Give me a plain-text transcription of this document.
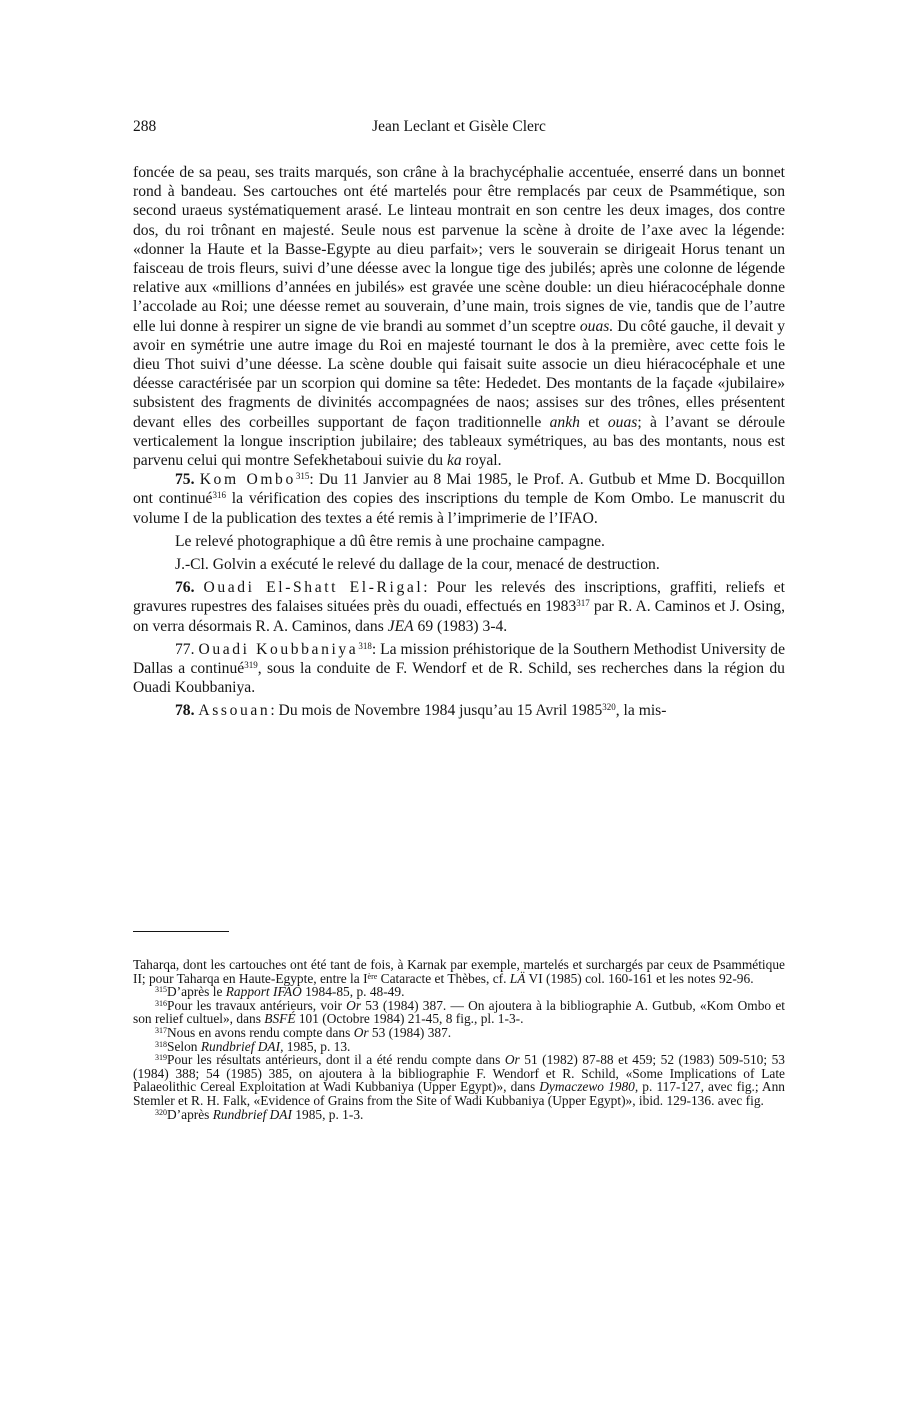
288	Jean Leclant et Gisèle Clerc

foncée de sa peau, ses traits marqués, son crâne à la brachycéphalie accentuée, enserré dans un bonnet rond à bandeau. Ses cartouches ont été martelés pour être remplacés par ceux de Psammétique, son second uraeus systématiquement arasé. Le linteau montrait en son centre les deux images, dos contre dos, du roi trônant en majesté. Seule nous est parvenue la scène à droite de l’axe avec la légende: «donner la Haute et la Basse-Egypte au dieu parfait»; vers le souverain se dirigeait Horus tenant un faisceau de trois fleurs, suivi d’une déesse avec la longue tige des jubilés; après une colonne de légende relative aux «millions d’années en jubilés» est gravée une scène double: un dieu hiéracocéphale donne l’accolade au Roi; une déesse remet au souverain, d’une main, trois signes de vie, tandis que de l’autre elle lui donne à respirer un signe de vie brandi au sommet d’un sceptre ouas. Du côté gauche, il devait y avoir en symétrie une autre image du Roi en majesté tournant le dos à la première, avec cette fois le dieu Thot suivi d’une déesse. La scène double qui faisait suite associe un dieu hiéracocéphale et une déesse caractérisée par un scorpion qui domine sa tête: Hededet. Des montants de la façade «jubilaire» subsistent des fragments de divinités accompagnées de naos; assises sur des trônes, elles présentent devant elles des corbeilles supportant de façon traditionnelle ankh et ouas; à l’avant se déroule verticalement la longue inscription jubilaire; des tableaux symétriques, au bas des montants, nous est parvenu celui qui montre Sefekhetaboui suivie du ka royal.

75. Kom Ombo$^{315}$: Du 11 Janvier au 8 Mai 1985, le Prof. A. Gutbub et Mme D. Bocquillon ont continué$^{316}$ la vérification des copies des inscriptions du temple de Kom Ombo. Le manuscrit du volume I de la publication des textes a été remis à l’imprimerie de l’IFAO.

Le relevé photographique a dû être remis à une prochaine campagne.

J.-Cl. Golvin a exécuté le relevé du dallage de la cour, menacé de destruction.

76. Ouadi El-Shatt El-Rigal: Pour les relevés des inscriptions, graffiti, reliefs et gravures rupestres des falaises situées près du ouadi, effectués en 1983$^{317}$ par R. A. Caminos et J. Osing, on verra désormais R. A. Caminos, dans JEA 69 (1983) 3-4.

77. Ouadi Koubbaniya$^{318}$: La mission préhistorique de la Southern Methodist University de Dallas a continué$^{319}$, sous la conduite de F. Wendorf et de R. Schild, ses recherches dans la région du Ouadi Koubbaniya.

78. Assouan: Du mois de Novembre 1984 jusqu’au 15 Avril 1985$^{320}$, la mis-

Taharqa, dont les cartouches ont été tant de fois, à Karnak par exemple, martelés et surchargés par ceux de Psammétique II; pour Taharqa en Haute-Egypte, entre la Ière Cataracte et Thèbes, cf. LÄ VI (1985) col. 160-161 et les notes 92-96.

$^{315}$D’après le Rapport IFAO 1984-85, p. 48-49.

$^{316}$Pour les travaux antérieurs, voir Or 53 (1984) 387. — On ajoutera à la bibliographie A. Gutbub, «Kom Ombo et son relief cultuel», dans BSFÉ 101 (Octobre 1984) 21-45, 8 fig., pl. 1-3-.

$^{317}$Nous en avons rendu compte dans Or 53 (1984) 387.

$^{318}$Selon Rundbrief DAI, 1985, p. 13.

$^{319}$Pour les résultats antérieurs, dont il a été rendu compte dans Or 51 (1982) 87-88 et 459; 52 (1983) 509-510; 53 (1984) 388; 54 (1985) 385, on ajoutera à la bibliographie F. Wendorf et R. Schild, «Some Implications of Late Palaeolithic Cereal Exploitation at Wadi Kubbaniya (Upper Egypt)», dans Dymaczewo 1980, p. 117-127, avec fig.; Ann Stemler et R. H. Falk, «Evidence of Grains from the Site of Wadi Kubbaniya (Upper Egypt)», ibid. 129-136. avec fig.

$^{320}$D’après Rundbrief DAI 1985, p. 1-3.
